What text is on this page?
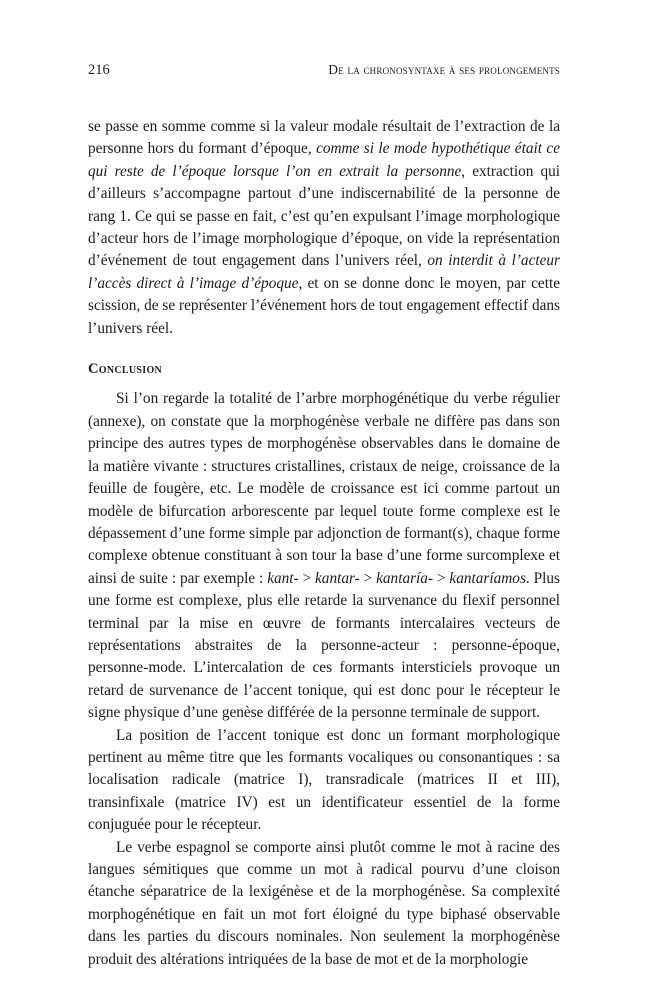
216	De la chronosyntaxe à ses prolongements

se passe en somme comme si la valeur modale résultait de l’extraction de la personne hors du formant d’époque, comme si le mode hypothétique était ce qui reste de l’époque lorsque l’on en extrait la personne, extraction qui d’ailleurs s’accompagne partout d’une indiscernabilité de la personne de rang 1. Ce qui se passe en fait, c’est qu’en expulsant l’image morphologique d’acteur hors de l’image morphologique d’époque, on vide la représentation d’événement de tout engagement dans l’univers réel, on interdit à l’acteur l’accès direct à l’image d’époque, et on se donne donc le moyen, par cette scission, de se représenter l’événement hors de tout engagement effectif dans l’univers réel.

Conclusion

Si l’on regarde la totalité de l’arbre morphogénétique du verbe régulier (annexe), on constate que la morphogénèse verbale ne diffère pas dans son principe des autres types de morphogénèse observables dans le domaine de la matière vivante : structures cristallines, cristaux de neige, croissance de la feuille de fougère, etc. Le modèle de croissance est ici comme partout un modèle de bifurcation arborescente par lequel toute forme complexe est le dépassement d’une forme simple par adjonction de formant(s), chaque forme complexe obtenue constituant à son tour la base d’une forme surcomplexe et ainsi de suite : par exemple : kant- > kantar- > kantaría- > kantaríamos. Plus une forme est complexe, plus elle retarde la survenance du flexif personnel terminal par la mise en œuvre de formants intercalaires vecteurs de représentations abstraites de la personne-acteur : personne-époque, personne-mode. L’intercalation de ces formants intersticiels provoque un retard de survenance de l’accent tonique, qui est donc pour le récepteur le signe physique d’une genèse différée de la personne terminale de support.

La position de l’accent tonique est donc un formant morphologique pertinent au même titre que les formants vocaliques ou consonantiques : sa localisation radicale (matrice I), transradicale (matrices II et III), transinfixale (matrice IV) est un identificateur essentiel de la forme conjuguée pour le récepteur.

Le verbe espagnol se comporte ainsi plutôt comme le mot à racine des langues sémitiques que comme un mot à radical pourvu d’une cloison étanche séparatrice de la lexigénèse et de la morphogénèse. Sa complexité morphogénétique en fait un mot fort éloigné du type biphasé observable dans les parties du discours nominales. Non seulement la morphogénèse produit des altérations intriquées de la base de mot et de la morphologie
